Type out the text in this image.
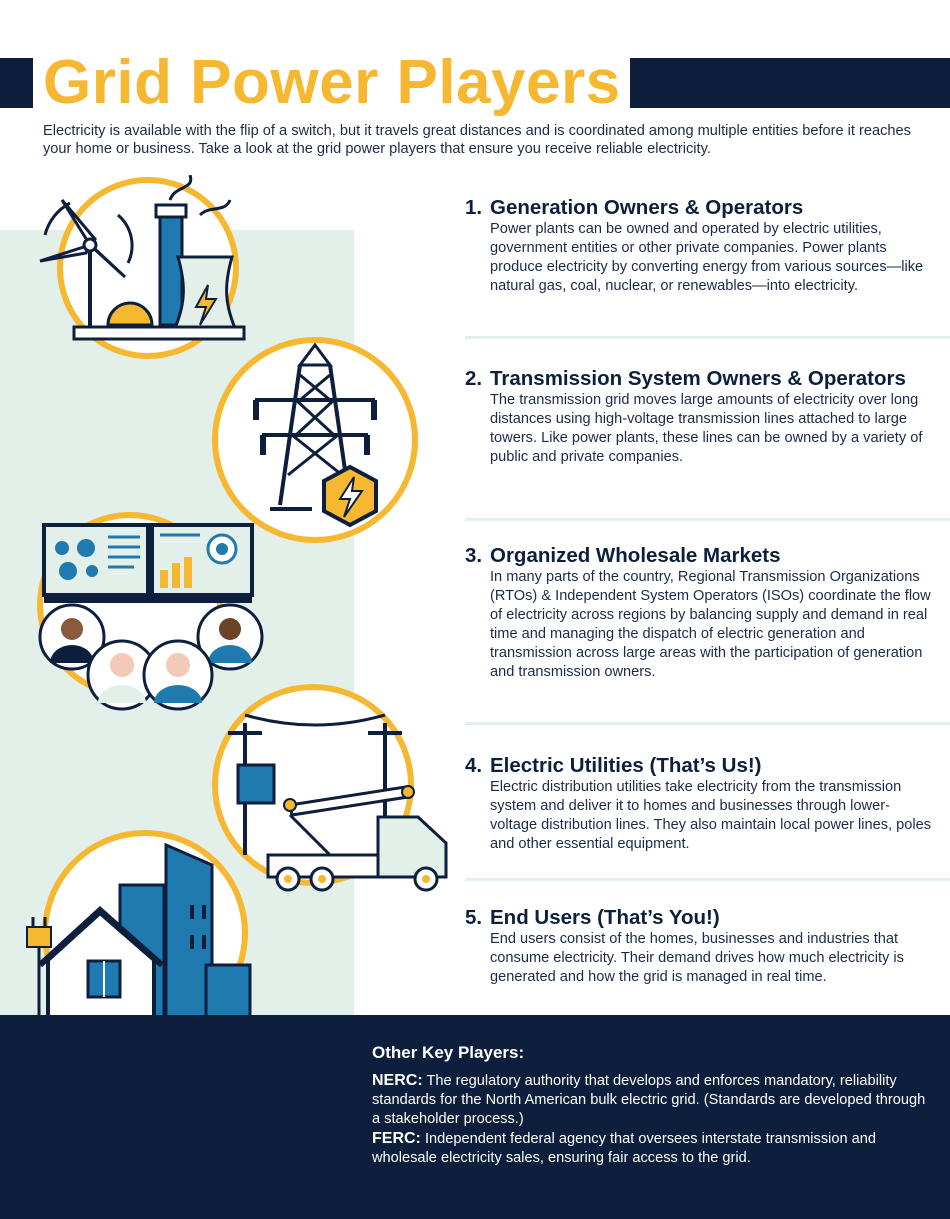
Grid Power Players
Electricity is available with the flip of a switch, but it travels great distances and is coordinated among multiple entities before it reaches your home or business. Take a look at the grid power players that ensure you receive reliable electricity.
1. Generation Owners & Operators
Power plants can be owned and operated by electric utilities, government entities or other private companies. Power plants produce electricity by converting energy from various sources—like natural gas, coal, nuclear, or renewables—into electricity.
2. Transmission System Owners & Operators
The transmission grid moves large amounts of electricity over long distances using high-voltage transmission lines attached to large towers. Like power plants, these lines can be owned by a variety of public and private companies.
3. Organized Wholesale Markets
In many parts of the country, Regional Transmission Organizations (RTOs) & Independent System Operators (ISOs) coordinate the flow of electricity across regions by balancing supply and demand in real time and managing the dispatch of electric generation and transmission across large areas with the participation of generation and transmission owners.
4. Electric Utilities (That’s Us!)
Electric distribution utilities take electricity from the transmission system and deliver it to homes and businesses through lower-voltage distribution lines. They also maintain local power lines, poles and other essential equipment.
5. End Users (That’s You!)
End users consist of the homes, businesses and industries that consume electricity. Their demand drives how much electricity is generated and how the grid is managed in real time.
Other Key Players:
NERC: The regulatory authority that develops and enforces mandatory, reliability standards for the North American bulk electric grid. (Standards are developed through a stakeholder process.)
FERC: Independent federal agency that oversees interstate transmission and wholesale electricity sales, ensuring fair access to the grid.
